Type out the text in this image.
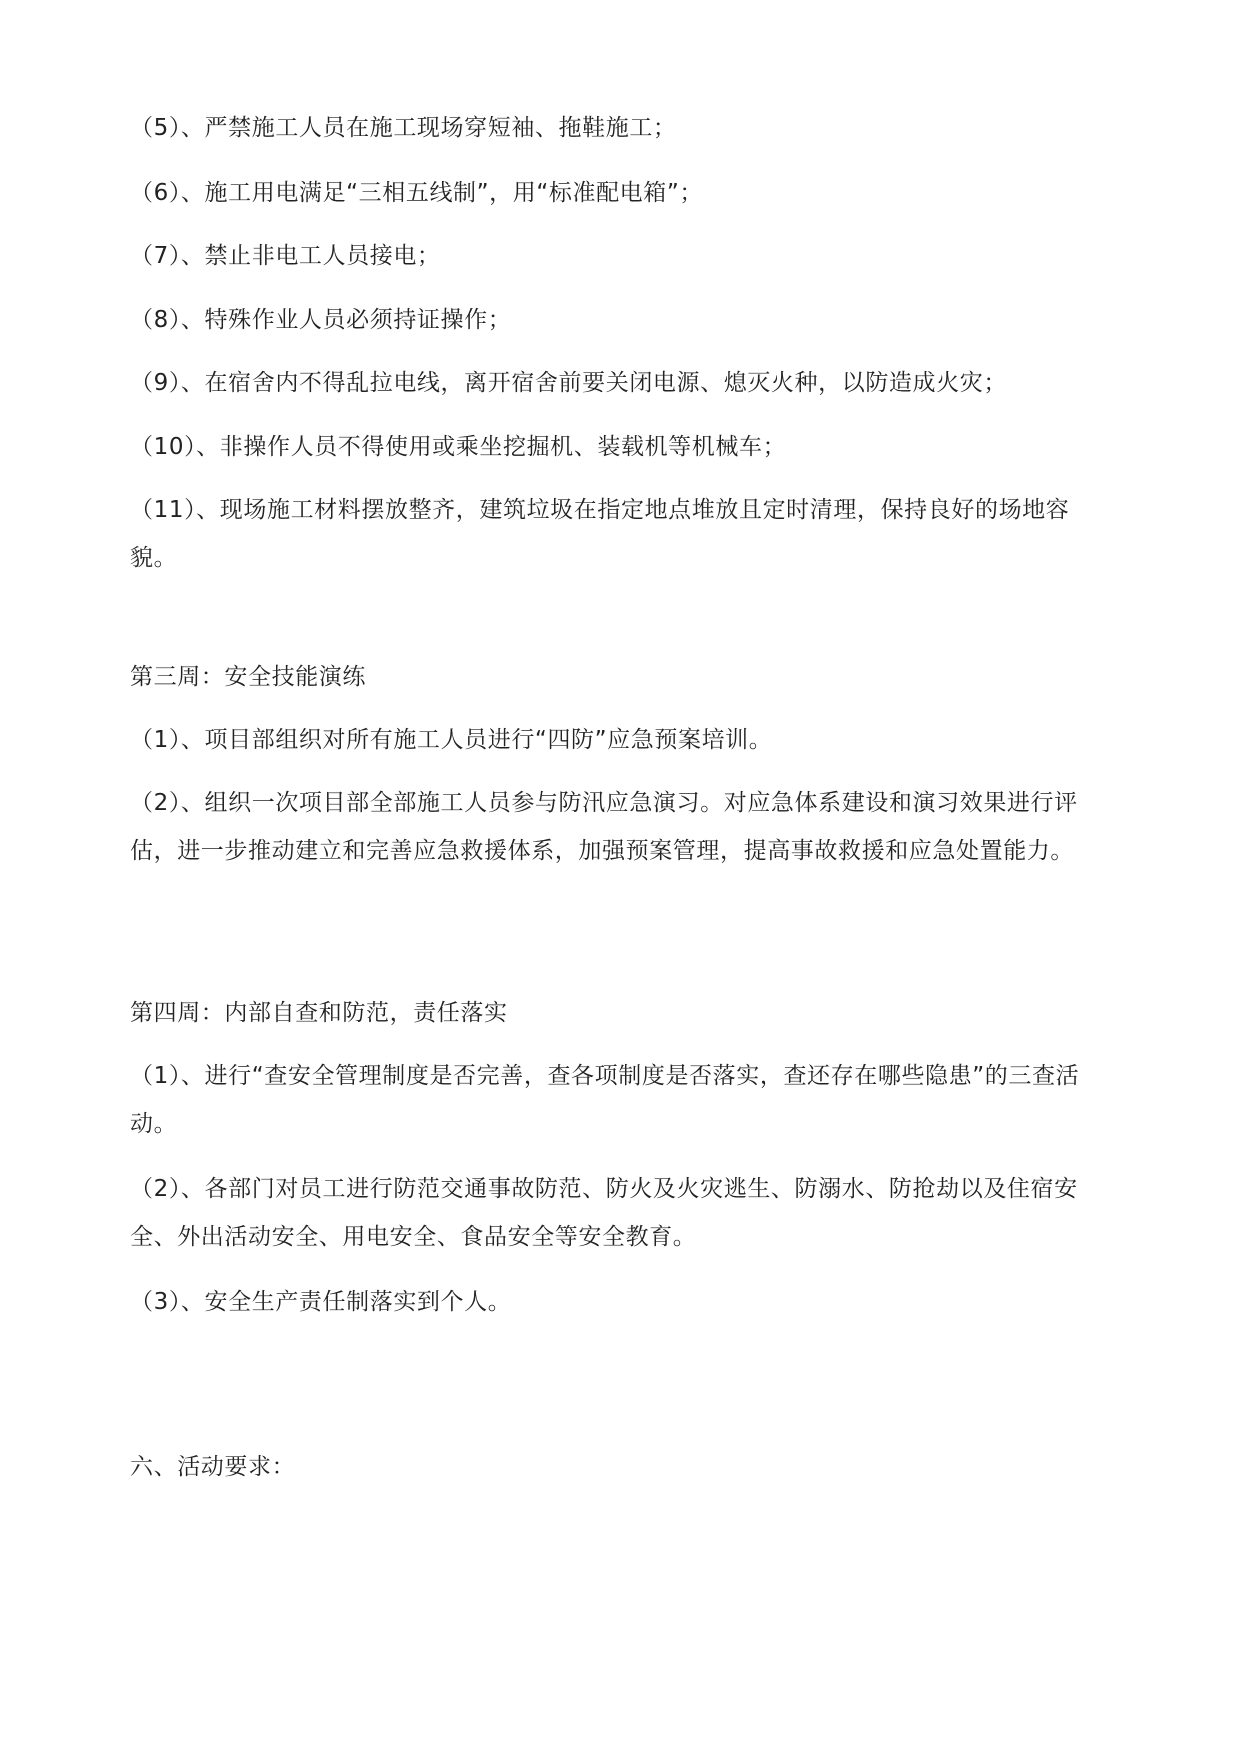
（5）、严禁施工人员在施工现场穿短袖、拖鞋施工；

（6）、施工用电满足“三相五线制”，用“标准配电箱”；

（7）、禁止非电工人员接电；

（8）、特殊作业人员必须持证操作；

（9）、在宿舍内不得乱拉电线，离开宿舍前要关闭电源、熄灭火种，以防造成火灾；

（10）、非操作人员不得使用或乘坐挖掘机、装载机等机械车；

（11）、现场施工材料摆放整齐，建筑垃圾在指定地点堆放且定时清理，保持良好的场地容貌。

第三周：安全技能演练

（1）、项目部组织对所有施工人员进行“四防”应急预案培训。

（2）、组织一次项目部全部施工人员参与防汛应急演习。对应急体系建设和演习效果进行评估，进一步推动建立和完善应急救援体系，加强预案管理，提高事故救援和应急处置能力。

第四周：内部自查和防范，责任落实

（1）、进行“查安全管理制度是否完善，查各项制度是否落实，查还存在哪些隐患”的三查活动。

（2）、各部门对员工进行防范交通事故防范、防火及火灾逃生、防溺水、防抢劫以及住宿安全、外出活动安全、用电安全、食品安全等安全教育。

（3）、安全生产责任制落实到个人。

六、活动要求：
